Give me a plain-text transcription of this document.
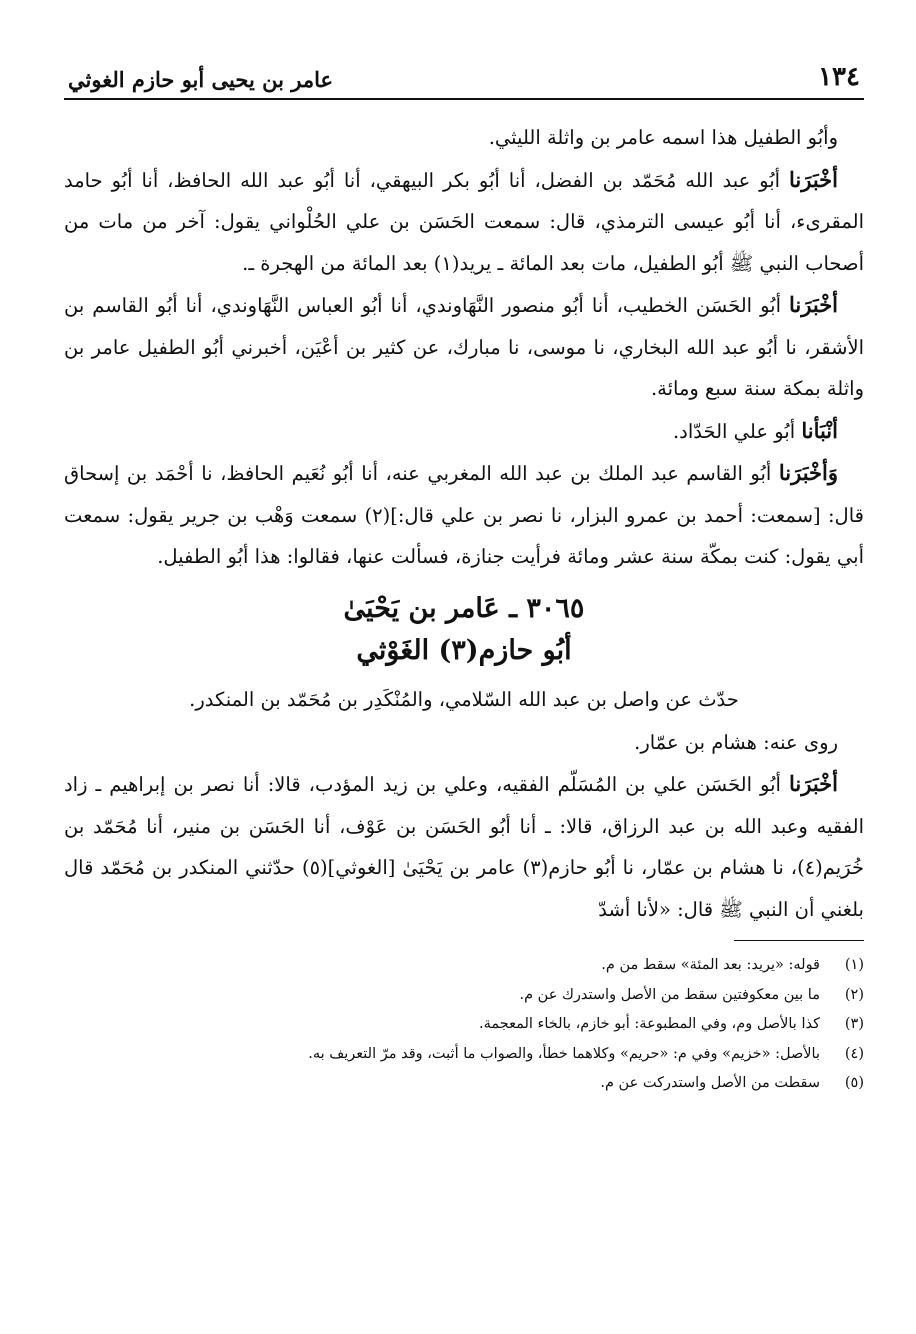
١٣٤
عامر بن يحيى أبو حازم الغوثي

وأبُو الطفيل هذا اسمه عامر بن واثلة الليثي.

أخْبَرَنا أبُو عبد الله مُحَمّد بن الفضل، أنا أبُو بكر البيهقي، أنا أبُو عبد الله الحافظ، أنا أبُو حامد المقرىء، أنا أبُو عيسى الترمذي، قال: سمعت الحَسَن بن علي الحُلْواني يقول: آخر من مات من أصحاب النبي ﷺ أبُو الطفيل، مات بعد المائة ـ يريد(١) بعد المائة من الهجرة ـ.

أخْبَرَنا أبُو الحَسَن الخطيب، أنا أبُو منصور النَّهَاوندي، أنا أبُو العباس النَّهَاوندي، أنا أبُو القاسم بن الأشقر، نا أبُو عبد الله البخاري، نا موسى، نا مبارك، عن كثير بن أعْيَن، أخبرني أبُو الطفيل عامر بن واثلة بمكة سنة سبع ومائة.

أنْبَأنا أبُو علي الحَدّاد.

وَأخْبَرَنا أبُو القاسم عبد الملك بن عبد الله المغربي عنه، أنا أبُو نُعَيم الحافظ، نا أحْمَد بن إسحاق قال: [سمعت: أحمد بن عمرو البزار، نا نصر بن علي قال:](٢) سمعت وَهْب بن جرير يقول: سمعت أبي يقول: كنت بمكّة سنة عشر ومائة فرأيت جنازة، فسألت عنها، فقالوا: هذا أبُو الطفيل.

٣٠٦٥ ـ عَامر بن يَحْيَىٰ
أبُو حازم(٣) الغَوْثي
حدّث عن واصل بن عبد الله السّلامي، والمُنْكَدِر بن مُحَمّد بن المنكدر.

روى عنه: هشام بن عمّار.

أخْبَرَنا أبُو الحَسَن علي بن المُسَلّم الفقيه، وعلي بن زيد المؤدب، قالا: أنا نصر بن إبراهيم ـ زاد الفقيه وعبد الله بن عبد الرزاق، قالا: ـ أنا أبُو الحَسَن بن عَوْف، أنا الحَسَن بن منير، أنا مُحَمّد بن خُرَيم(٤)، نا هشام بن عمّار، نا أبُو حازم(٣) عامر بن يَحْيَىٰ [الغوثي](٥) حدّثني المنكدر بن مُحَمّد قال بلغني أن النبي ﷺ قال: «لأنا أشدّ

(١)
قوله: «يريد: بعد المئة» سقط من م.
(٢)
ما بين معكوفتين سقط من الأصل واستدرك عن م.
(٣)
كذا بالأصل وم، وفي المطبوعة: أبو خازم، بالخاء المعجمة.
(٤)
بالأصل: «خزيم» وفي م: «حريم» وكلاهما خطأ، والصواب ما أثبت، وقد مرّ التعريف به.
(٥)
سقطت من الأصل واستدركت عن م.
